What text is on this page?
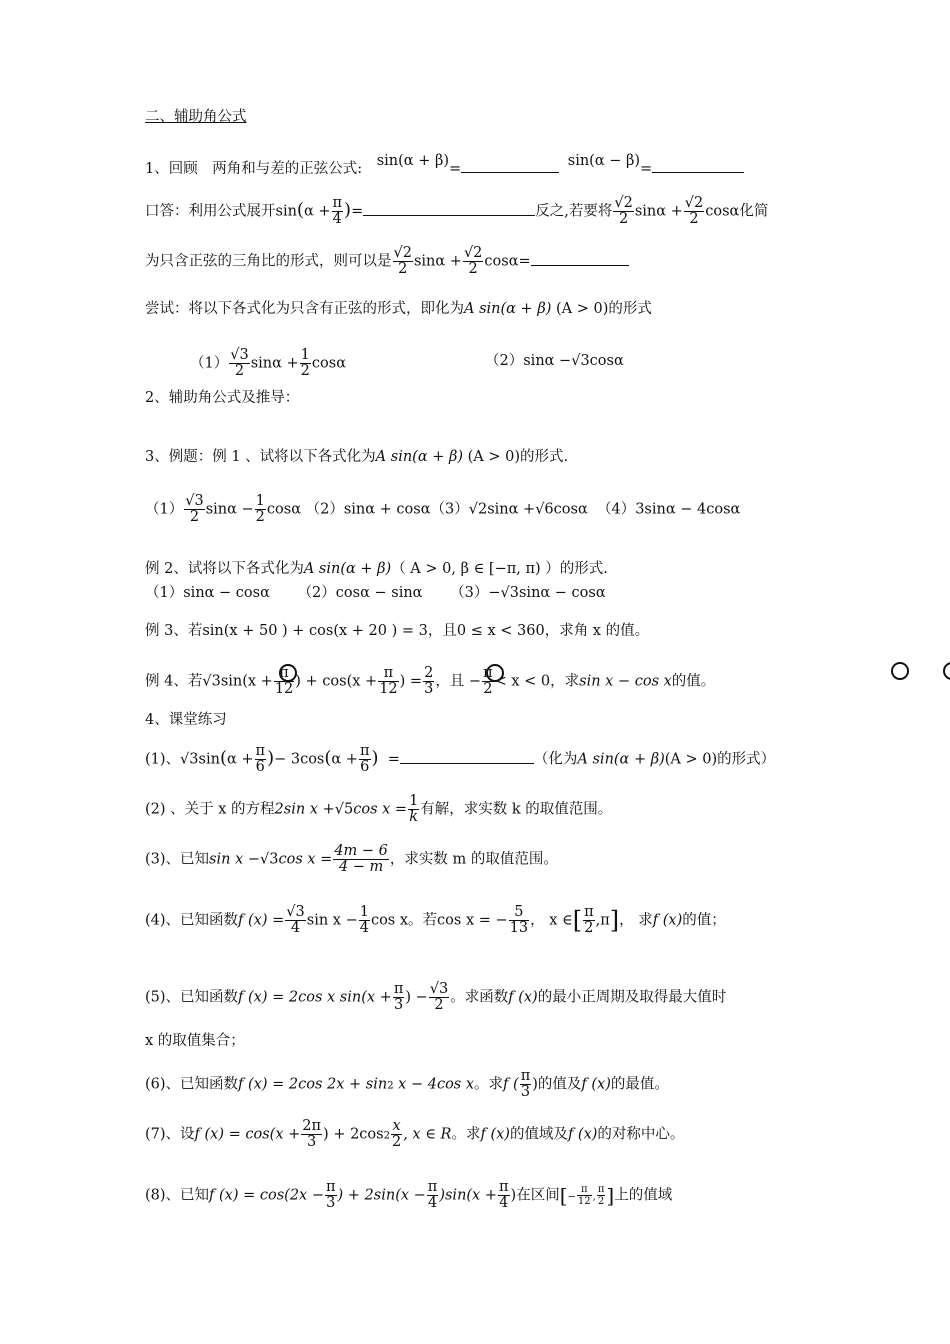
二、辅助角公式
1、回顾　两角和与差的正弦公式: sin(α + β)=	sin(α − β)=
口答：利用公式展开$\sin(\alpha + \frac{\pi}{4}$ )=	反之,若要将 $\frac{√2}{2}$ $\sin\alpha + \frac{√2}{2}$ cosα化简
为只含正弦的三角比的形式，则可以是 $\frac{√2}{2}$ $\sin\alpha + \frac{√2}{2} \cos\alpha=$
尝试：将以下各式化为只含有正弦的形式，即化为A sin(α + β) (A > 0)的形式
$(1) \frac{√3}{2}$ $\sin\alpha + \frac{1}{2}$ cosα	（2）sinα −√3cosα
2、辅助角公式及推导：
3、例题：例 1 、试将以下各式化为A sin(α + β) (A > 0)的形式.
$(1) \frac{√3}{2}$ $\sin\alpha - \frac{1}{2}$ cosα （2）sinα + cosα（3）√2sinα +√6cosα （4）3sinα − 4cosα
例 2、试将以下各式化为A sin(α + β)（ A > 0, β ∈ [−π, π) ）的形式.
（1）sinα − cosα （2）cosα − sinα （3）−√3sinα − cosα
例 3、若sin(x + 50 ) + cos(x + 20 ) = 3，且0 ≤ x < 360，求角 x 的值。
例 4、若$√3\sin(x + \frac{\pi}{12}$ ) + $\cos(x + \frac{\pi}{12}$ ) = $\frac{2}{3}$ ，且 − $\frac{\pi}{2} < x < 0$，求sin x − cos x的值。
4、课堂练习
(1)、$√3\sin(\alpha + \frac{\pi}{6}$ )− $3\cos(\alpha + \frac{\pi}{6}$ ) =	（化为A sin(α + β)(A > 0)的形式）
(2) 、关于 x 的方程2sin x +√5cos $x = \frac{1}{k}$ 有解，求实数 k 的取值范围。
(3)、已知sin x −√3cos $x = \frac{4m - 6}{4 - m}$ ，求实数 m 的取值范围。
(4)、已知函数f $(x) = \frac{√3}{4}$ $\sin x - \frac{1}{4}$ cos x。若cos x = − $\frac{5}{13}$ ， x ∈[ $\frac{\pi}{2} ,\pi$]， 求f (x)的值；
(5)、已知函数f (x) = 2cos x $\sin(x + \frac{\pi}{3}$ ) − $\frac{√3}{2}$ 。求函数f (x)的最小正周期及取得最大值时
x 的取值集合；
(6)、已知函数f (x) = 2cos 2x + sin2 x − 4cos x。求f ( $\frac{\pi}{3}$ )的值及f (x)的最值。
(7)、设f $(x) = \cos(x + \frac{2\pi}{3}$ ) + $2\cos 2 \frac{x}{2}$ , x ∈ R。求f (x)的值域及f (x)的对称中心。
(8)、已知f $(x) = \cos(2x - \frac{\pi}{3}$ ) + $2\sin(x - \frac{\pi}{4} )\sin(x + \frac{\pi}{4}$ )在区间[− $\frac{\pi}{12}$ , $\frac{\pi}{2}$ ]上的值域
